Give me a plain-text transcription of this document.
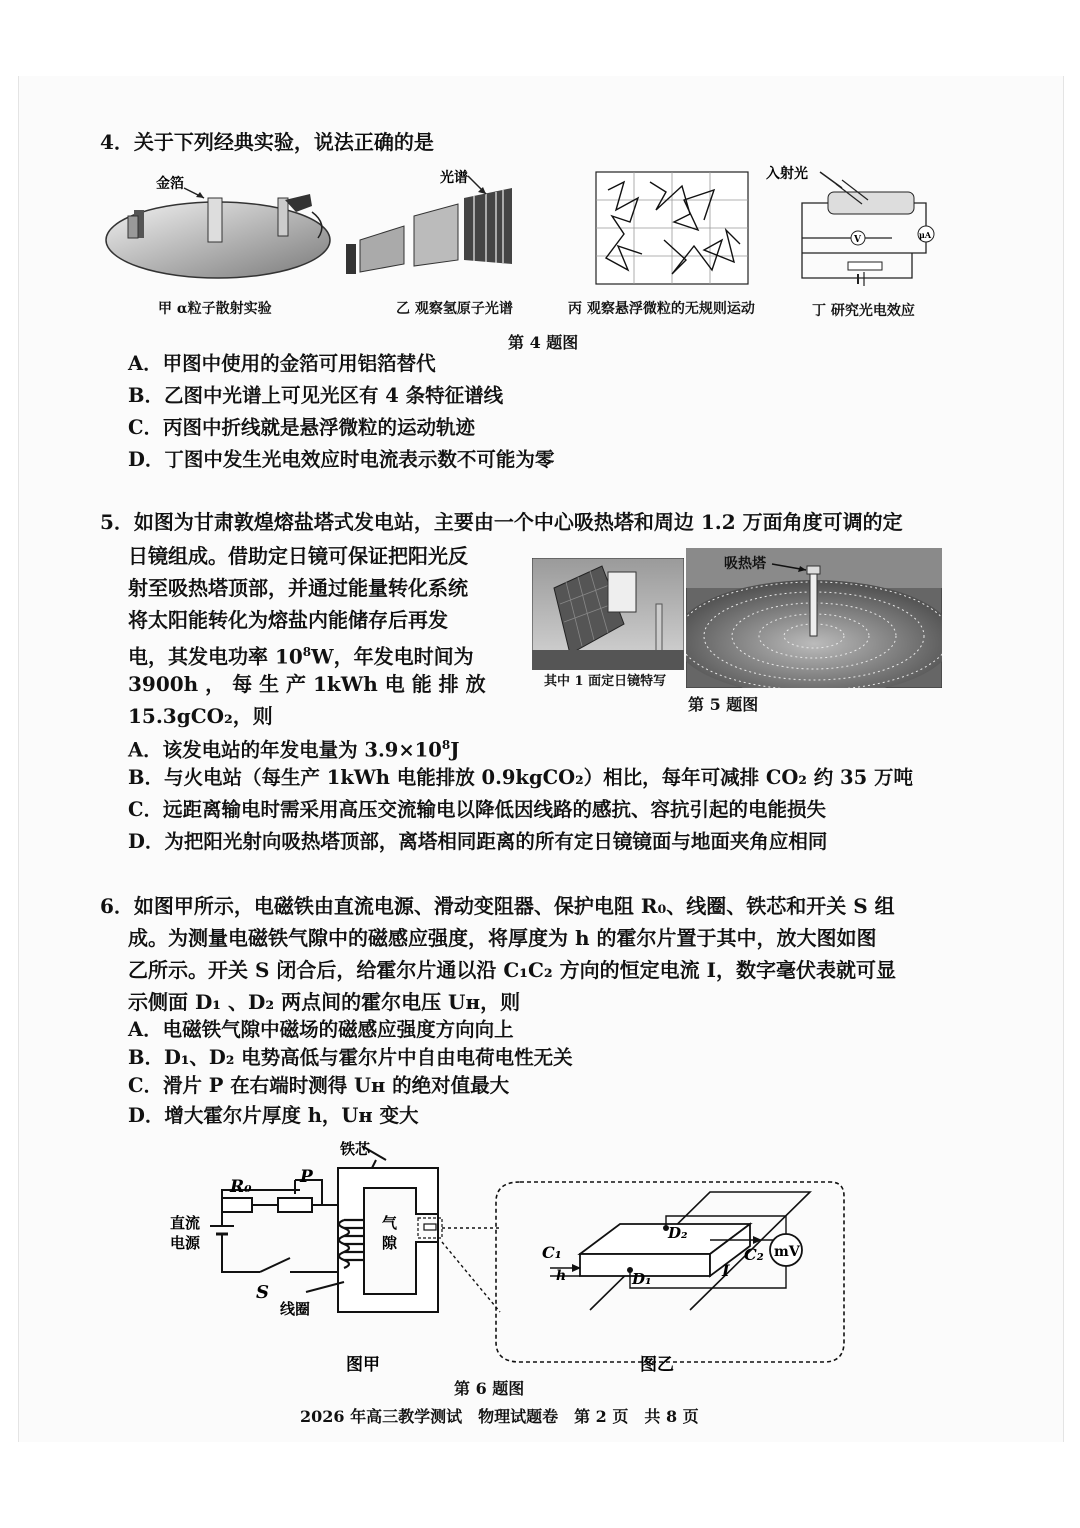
4．关于下列经典实验，说法正确的是
金箔	光谱	入射光
μA
V
甲 α粒子散射实验	乙 观察氢原子光谱	丙 观察悬浮微粒的无规则运动	丁 研究光电效应
第 4 题图
A．甲图中使用的金箔可用铝箔替代
B．乙图中光谱上可见光区有 4 条特征谱线
C．丙图中折线就是悬浮微粒的运动轨迹
D．丁图中发生光电效应时电流表示数不可能为零
5．如图为甘肃敦煌熔盐塔式发电站，主要由一个中心吸热塔和周边 1.2 万面角度可调的定
日镜组成。借助定日镜可保证把阳光反
射至吸热塔顶部，并通过能量转化系统
将太阳能转化为熔盐内能储存后再发
电，其发电功率 $10^8W$，年发电时间为
3900h ， 每 生 产 1kWh 电 能 排 放
15.3gCO₂，则
吸热塔
其中 1 面定日镜特写
第 5 题图
A．该发电站的年发电量为 $3.9\times 10^8J$
B．与火电站（每生产 1kWh 电能排放 0.9kgCO₂）相比，每年可减排 CO₂ 约 35 万吨
C．远距离输电时需采用高压交流输电以降低因线路的感抗、容抗引起的电能损失
D．为把阳光射向吸热塔顶部，离塔相同距离的所有定日镜镜面与地面夹角应相同
6．如图甲所示，电磁铁由直流电源、滑动变阻器、保护电阻 R₀、线圈、铁芯和开关 S 组
成。为测量电磁铁气隙中的磁感应强度，将厚度为 h 的霍尔片置于其中，放大图如图
乙所示。开关 S 闭合后，给霍尔片通以沿 C₁C₂ 方向的恒定电流 I，数字毫伏表就可显
示侧面 D₁ 、D₂ 两点间的霍尔电压 Uʜ，则
A．电磁铁气隙中磁场的磁感应强度方向向上
B．D₁、D₂ 电势高低与霍尔片中自由电荷电性无关
C．滑片 P 在右端时测得 Uʜ 的绝对值最大
D．增大霍尔片厚度 h，Uʜ 变大
铁芯
R₀	P
直流
电源
S
线圈
气
隙	C₁	C₂
D₂
D₁
h	I
mV
图甲	图乙
第 6 题图
2026 年高三教学测试　物理试题卷　第 2 页　共 8 页
